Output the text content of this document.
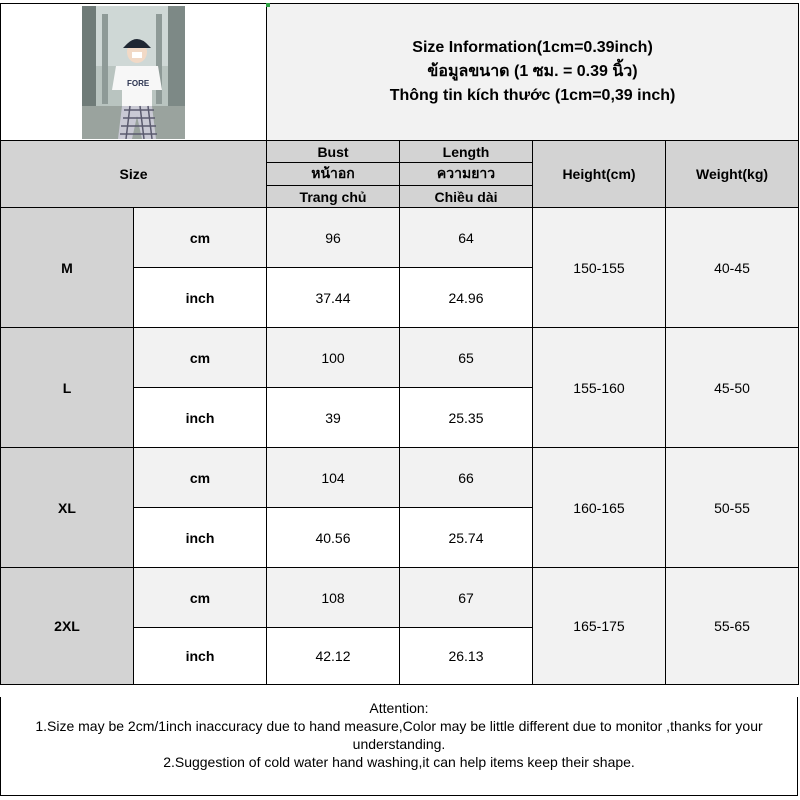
FORE		Size Information(1cm=0.39inch)
ข้อมูลขนาด (1 ซม. = 0.39 นิ้ว)
Thông tin kích thước (1cm=0,39 inch)			

Size		Bust	Length	Height(cm)	Weight(kg)
		หน้าอก	ความยาว		
		Trang chủ	Chiều dài		
M	cm	96	64	150-155	40-45
	inch	37.44	24.96		
L	cm	100	65	155-160	45-50
	inch	39	25.35		
XL	cm	104	66	160-165	50-55
	inch	40.56	25.74		
2XL	cm	108	67	165-175	55-65
	inch	42.12	26.13		
Attention:
1.Size may be 2cm/1inch inaccuracy due to hand measure,Color may be little different due to monitor ,thanks for your understanding.
2.Suggestion of cold water hand washing,it can help items keep their shape.
